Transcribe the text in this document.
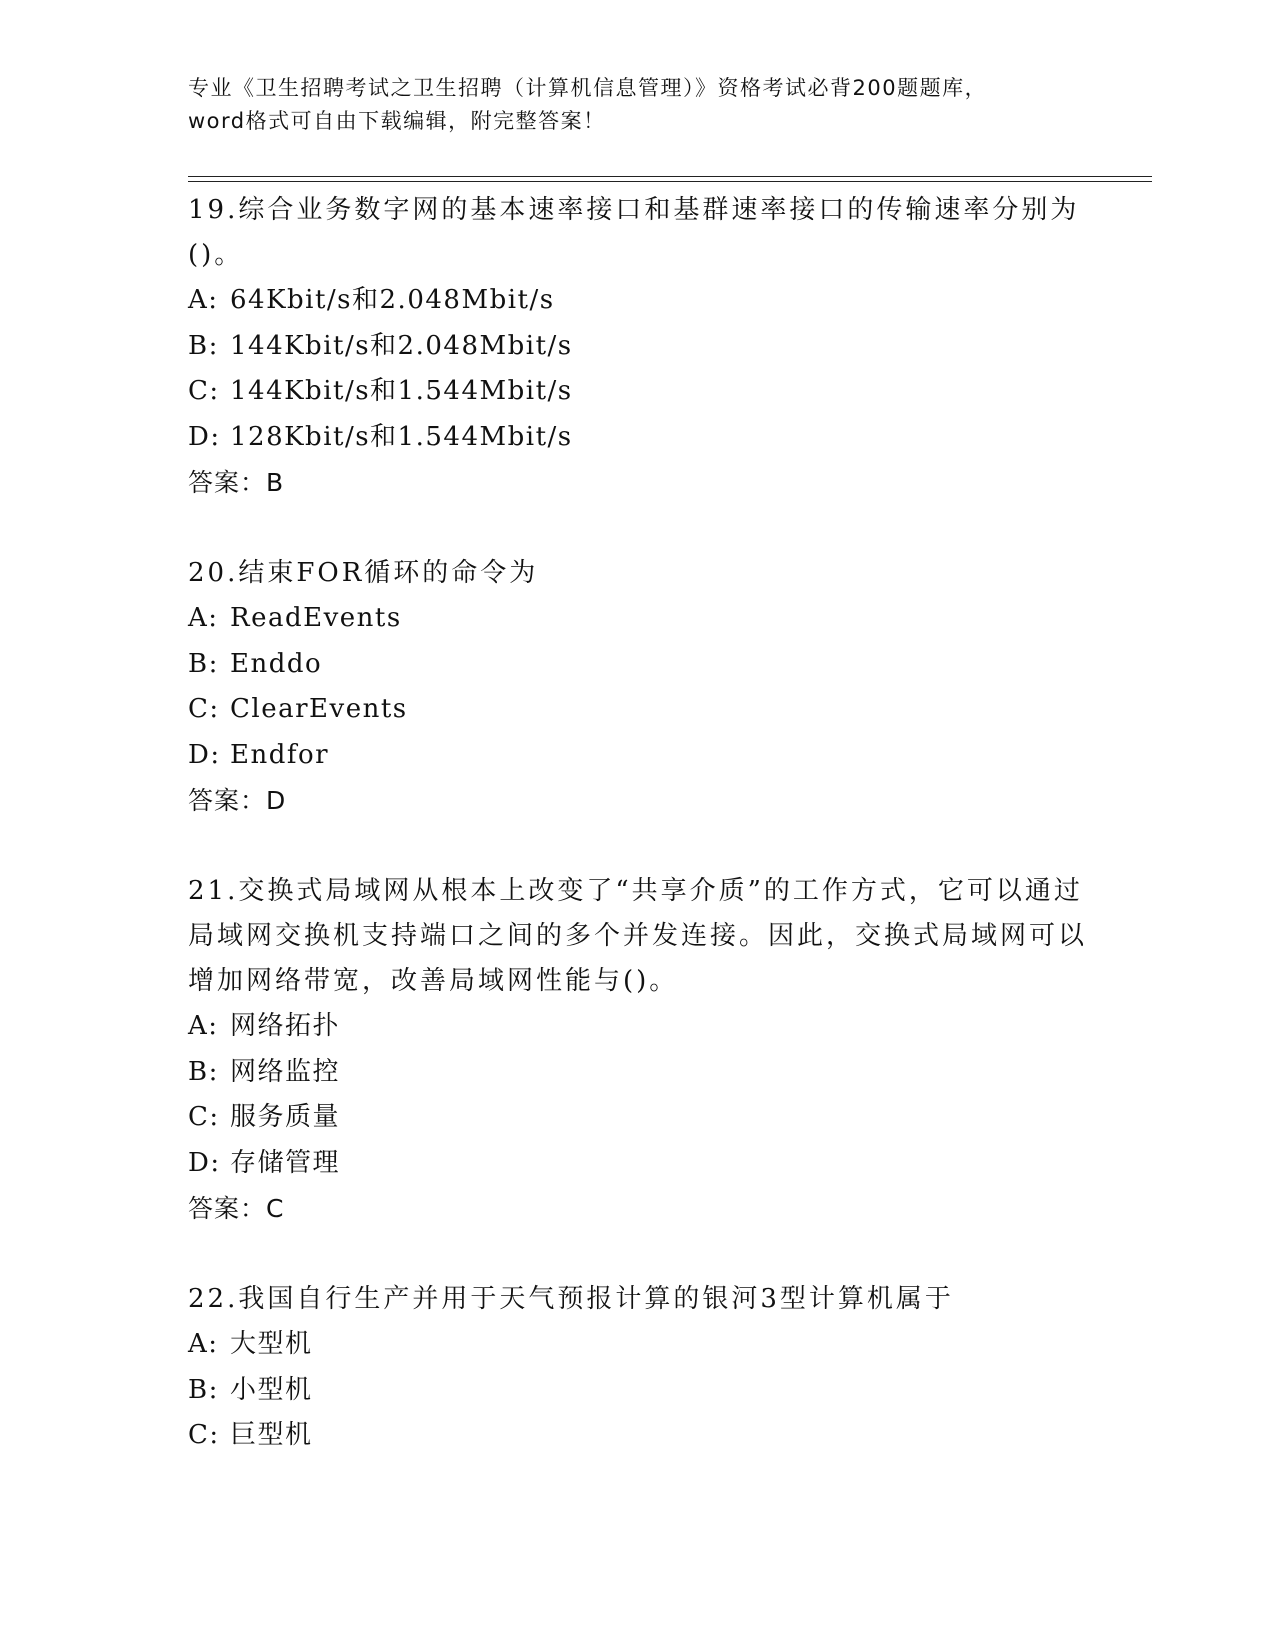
专业《卫生招聘考试之卫生招聘（计算机信息管理）》资格考试必背200题题库，
word格式可自由下载编辑，附完整答案！

19.综合业务数字网的基本速率接口和基群速率接口的传输速率分别为()。

A: 64Kbit/s和2.048Mbit/s
B: 144Kbit/s和2.048Mbit/s
C: 144Kbit/s和1.544Mbit/s
D: 128Kbit/s和1.544Mbit/s
答案：B

20.结束FOR循环的命令为

A: ReadEvents
B: Enddo
C: ClearEvents
D: Endfor
答案：D

21.交换式局域网从根本上改变了“共享介质”的工作方式，它可以通过局域网交换机支持端口之间的多个并发连接。因此，交换式局域网可以增加网络带宽，改善局域网性能与()。

A: 网络拓扑
B: 网络监控
C: 服务质量
D: 存储管理
答案：C

22.我国自行生产并用于天气预报计算的银河3型计算机属于

A: 大型机
B: 小型机
C: 巨型机
